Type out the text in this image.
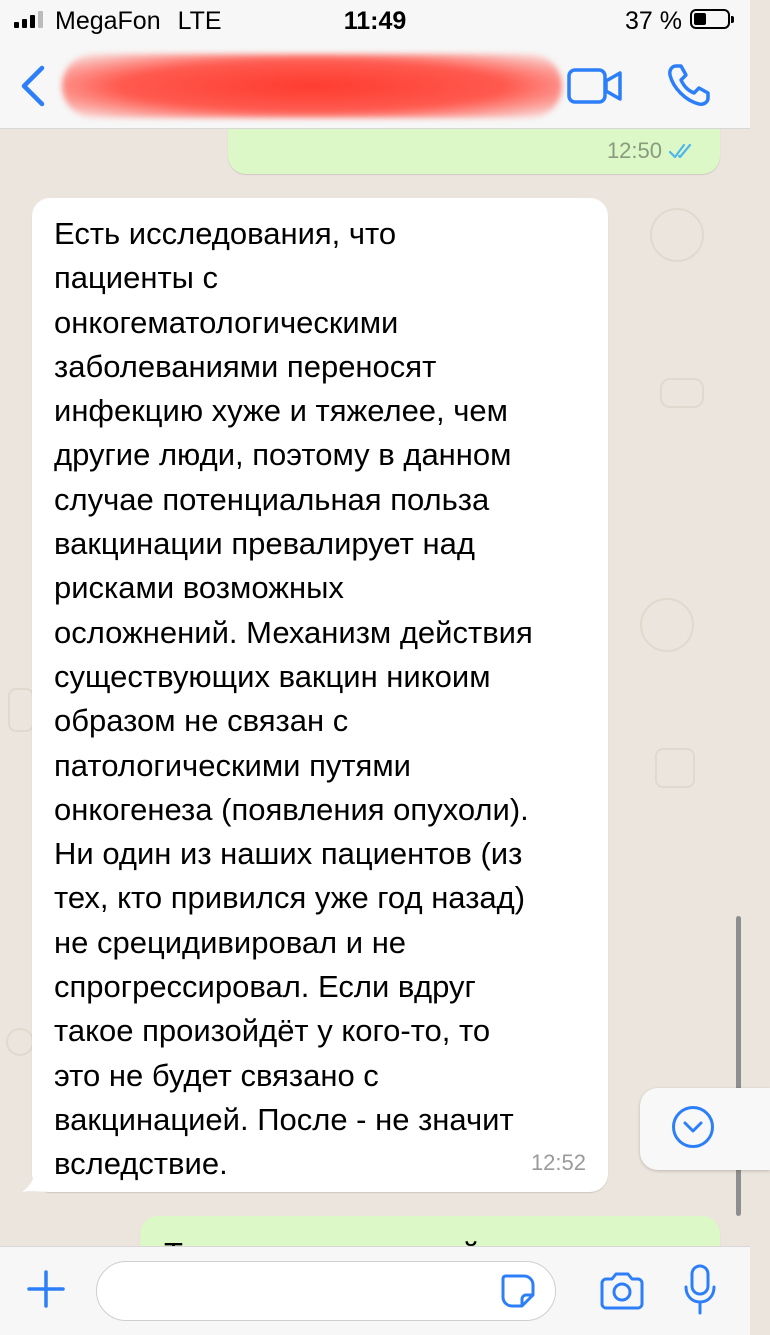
MegaFon LTE	11:49	37 %
12:50
Есть исследования, что
пациенты с
онкогематологическими
заболеваниями переносят
инфекцию хуже и тяжелее, чем
другие люди, поэтому в данном
случае потенциальная польза
вакцинации превалирует над
рисками возможных
осложнений. Механизм действия
существующих вакцин никоим
образом не связан с
патологическими путями
онкогенеза (появления опухоли).
Ни один из наших пациентов (из
тех, кто привился уже год назад)
не срецидивировал и не
спрогрессировал. Если вдруг
такое произойдёт у кого-то, то
это не будет связано с
вакцинацией. После - не значит
вследствие.	12:52
